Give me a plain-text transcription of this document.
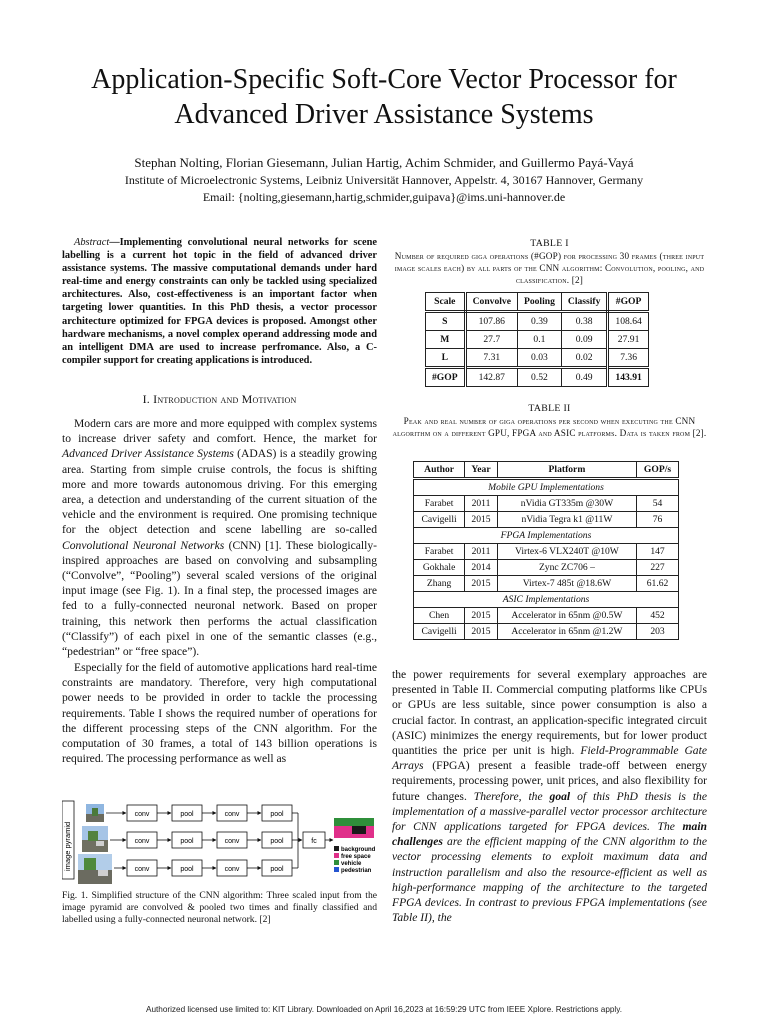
Application-Specific Soft-Core Vector Processor for
Advanced Driver Assistance Systems
Stephan Nolting, Florian Giesemann, Julian Hartig, Achim Schmider, and Guillermo Payá-Vayá
Institute of Microelectronic Systems, Leibniz Universität Hannover, Appelstr. 4, 30167 Hannover, Germany
Email: {nolting,giesemann,hartig,schmider,guipava}@ims.uni-hannover.de
Abstract—Implementing convolutional neural networks for scene labelling is a current hot topic in the field of advanced driver assistance systems. The massive computational demands under hard real-time and energy constraints can only be tackled using specialized architectures. Also, cost-effectiveness is an important factor when targeting lower quantities. In this PhD thesis, a vector processor architecture optimized for FPGA devices is proposed. Amongst other hardware mechanisms, a novel complex operand addressing mode and an intelligent DMA are used to increase perfromance. Also, a C-compiler support for creating applications is introduced.
I. Introduction and Motivation

Modern cars are more and more equipped with complex systems to increase driver safety and comfort. Hence, the market for Advanced Driver Assistance Systems (ADAS) is a steadily growing area. Starting from simple cruise controls, the focus is shifting more and more towards autonomous driving. For this emerging area, a detection and understanding of the current situation of the vehicle and the environment is required. One promising technique for the object detection and scene labelling are so-called Convolutional Neuronal Networks (CNN) [1]. These biologically-inspired approaches are based on convolving and subsampling (“Convolve”, “Pooling”) several scaled versions of the original input image (see Fig. 1). In a final step, the processed images are fed to a fully-connected neuronal network. Based on proper training, this network then performs the actual classification (“Classify”) of each pixel in one of the semantic classes (e.g., “pedestrian” or “free space”).

Especially for the field of automotive applications hard real-time constraints are mandatory. Therefore, very high computational power needs to be provided in order to tackle the processing requirements. Table I shows the required number of operations for the different processing steps of the CNN algorithm. For the computation of 30 frames, a total of 143 billion operations is required. The processing performance as well as

image pyramid
conv	pool	conv	pool
conv	pool	conv	pool
conv	pool	conv	pool
fc
background
free space
vehicle
pedestrian
Fig. 1. Simplified structure of the CNN algorithm: Three scaled input from the image pyramid are convolved & pooled two times and finally classified and labelled using a fully-connected neuronal network. [2]
TABLE I
Number of required giga operations (#GOP) for processing 30 frames (three input image scales each) by all parts of the CNN algorithm: Convolution, pooling, and classification. [2]
Scale	Convolve	Pooling	Classify	#GOP
S	107.86	0.39	0.38	108.64
M	27.7	0.1	0.09	27.91
L	7.31	0.03	0.02	7.36
#GOP	142.87	0.52	0.49	143.91
TABLE II
Peak and real number of giga operations per second when executing the CNN algorithm on a different GPU, FPGA and ASIC platforms. Data is taken from [2].
Author	Year	Platform	GOP/s
Mobile GPU Implementations			
Farabet	2011	nVidia GT335m @30W	54
Cavigelli	2015	nVidia Tegra k1 @11W	76
FPGA Implementations			
Farabet	2011	Virtex-6 VLX240T @10W	147
Gokhale	2014	Zync ZC706 –	227
Zhang	2015	Virtex-7 485t @18.6W	61.62
ASIC Implementations			
Chen	2015	Accelerator in 65nm @0.5W	452
Cavigelli	2015	Accelerator in 65nm @1.2W	203

the power requirements for several exemplary approaches are presented in Table II. Commercial computing platforms like CPUs or GPUs are less suitable, since power consumption is also a crucial factor. In contrast, an application-specific integrated circuit (ASIC) minimizes the energy requirements, but for lower product quantities the price per unit is high. Field-Programmable Gate Arrays (FPGA) present a feasible trade-off between energy requirements, processing power, unit prices, and also flexibility for future changes. Therefore, the goal of this PhD thesis is the implementation of a massive-parallel vector processor architecture for CNN applications targeted for FPGA devices. The main challenges are the efficient mapping of the CNN algorithm to the vector processing elements to exploit maximum data and instruction parallelism and also the resource-efficient as well as high-performance mapping of the architecture to the targeted FPGA devices. In contrast to previous FPGA implementations (see Table II), the

Authorized licensed use limited to: KIT Library. Downloaded on April 16,2023 at 16:59:29 UTC from IEEE Xplore. Restrictions apply.
